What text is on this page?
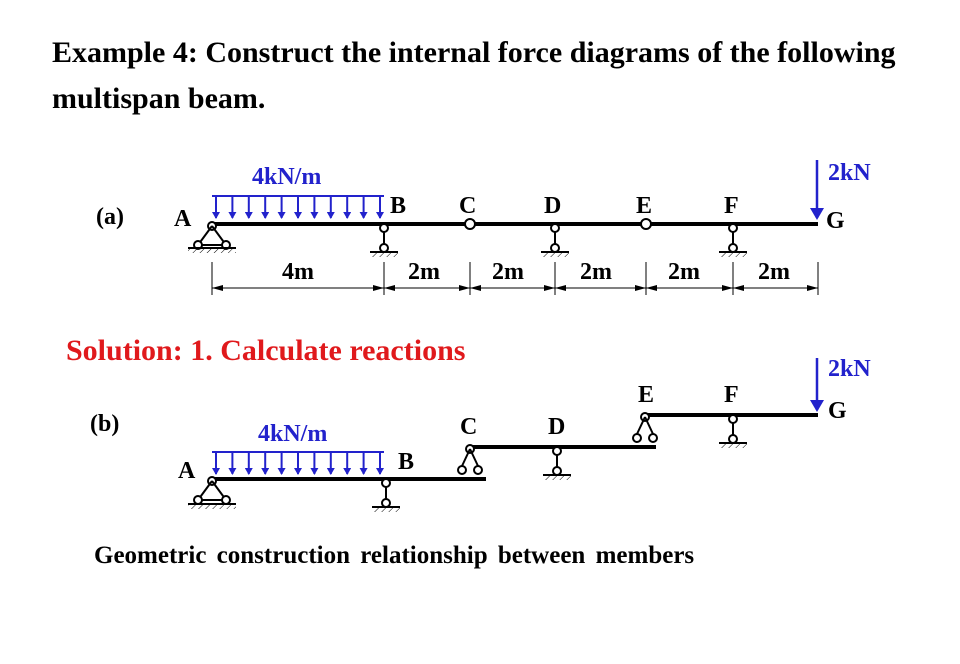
Example 4: Construct the internal force diagrams of the following multispan beam.
Solution: 1. Calculate reactions
Geometric construction relationship between members
(a)
4kN/m	2kN
A	B C	D	E	F
G
4m	2m 2m 2m 2m 2m
(b)	4kN/m
2kN
A	B
C	D
E	F
G
